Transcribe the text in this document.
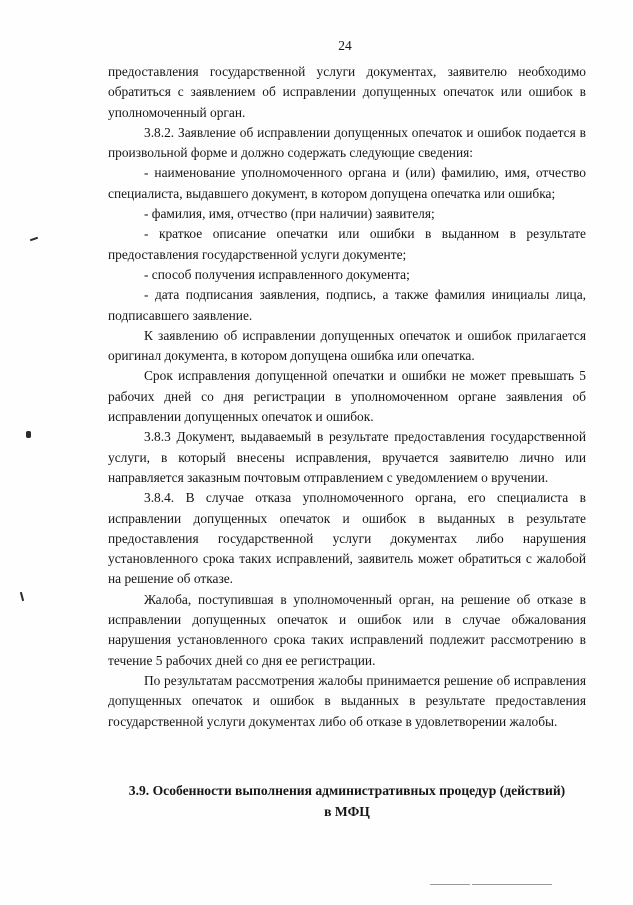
24

предоставления государственной услуги документах, заявителю необходимо обратиться с заявлением об исправлении допущенных опечаток или ошибок в уполномоченный орган.

3.8.2. Заявление об исправлении допущенных опечаток и ошибок подается в произвольной форме и должно содержать следующие сведения:

- наименование уполномоченного органа и (или) фамилию, имя, отчество специалиста, выдавшего документ, в котором допущена опечатка или ошибка;

- фамилия, имя, отчество (при наличии) заявителя;

- краткое описание опечатки или ошибки в выданном в результате предоставления государственной услуги документе;

- способ получения исправленного документа;

- дата подписания заявления, подпись, а также фамилия инициалы лица, подписавшего заявление.

К заявлению об исправлении допущенных опечаток и ошибок прилагается оригинал документа, в котором допущена ошибка или опечатка.

Срок исправления допущенной опечатки и ошибки не может превышать 5 рабочих дней со дня регистрации в уполномоченном органе заявления об исправлении допущенных опечаток и ошибок.

3.8.3 Документ, выдаваемый в результате предоставления государственной услуги, в который внесены исправления, вручается заявителю лично или направляется заказным почтовым отправлением с уведомлением о вручении.

3.8.4. В случае отказа уполномоченного органа, его специалиста в исправлении допущенных опечаток и ошибок в выданных в результате предоставления государственной услуги документах либо нарушения установленного срока таких исправлений, заявитель может обратиться с жалобой на решение об отказе.

Жалоба, поступившая в уполномоченный орган, на решение об отказе в исправлении допущенных опечаток и ошибок или в случае обжалования нарушения установленного срока таких исправлений подлежит рассмотрению в течение 5 рабочих дней со дня ее регистрации.

По результатам рассмотрения жалобы принимается решение об исправления допущенных опечаток и ошибок в выданных в результате предоставления государственной услуги документах либо об отказе в удовлетворении жалобы.

3.9. Особенности выполнения административных процедур (действий)
в МФЦ
